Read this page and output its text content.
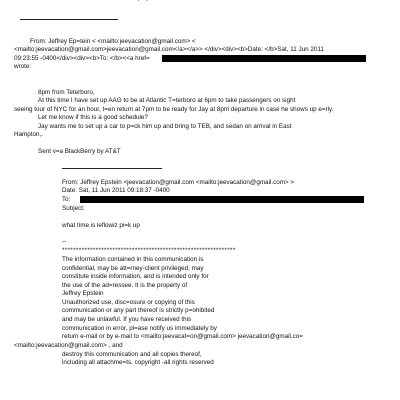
From: Jeffrey Ep=tein < <mailto:jeevacation@gmail.com> <
<mailto:jeevacation@gmail.com>jeevacation@gmail.com</a></a>> </div><div><b>Date: </b>Sat, 11 Jun 2011
09:23:55 -0400</div><div><b>To: </b><<a href=
wrote:
8pm from Teterboro,
At this time I have set up AAG to be at Atlantic T=terboro at 6pm to take passengers on sight
seeing tour of NYC for an hour, t=en return at 7pm to be ready for Jay at 8pm departure in case he shows up e=rly.
Let me know if this is a good schedule?
Jay wants me to set up a car to p=ck him up and bring to TEB, and sedan on arrival in East
Hampton,.
Sent v=a BlackBerry by AT&T
From: Jeffrey Epstein <jeevacation@gmail.com <mailto:jeevacation@gmail.com> >
Date: Sat, 11 Jun 2011 09:18:37 -0400
To:
Subject:
what time is leflowiz pi=k up
--
**************************************************************
The information contained in this communication is
confidential, may be att=rney-client privileged, may
constitute inside information, and is intended only for
the use of the ad=ressee. It is the property of
Jeffrey Epstein
Unauthorized use, disc=osure or copying of this
communication or any part thereof is strictly p=ohibited
and may be unlawful. If you have received this
communication in error, pl=ase notify us immediately by
return e-mail or by e-mail to <mailto:jeevacat=on@gmail.com> jeevacation@gmail.co=
<mailto:jeevacation@gmail.com> , and
destroy this communication and all copies thereof,
including all attachme=ts. copyright -all rights reserved
